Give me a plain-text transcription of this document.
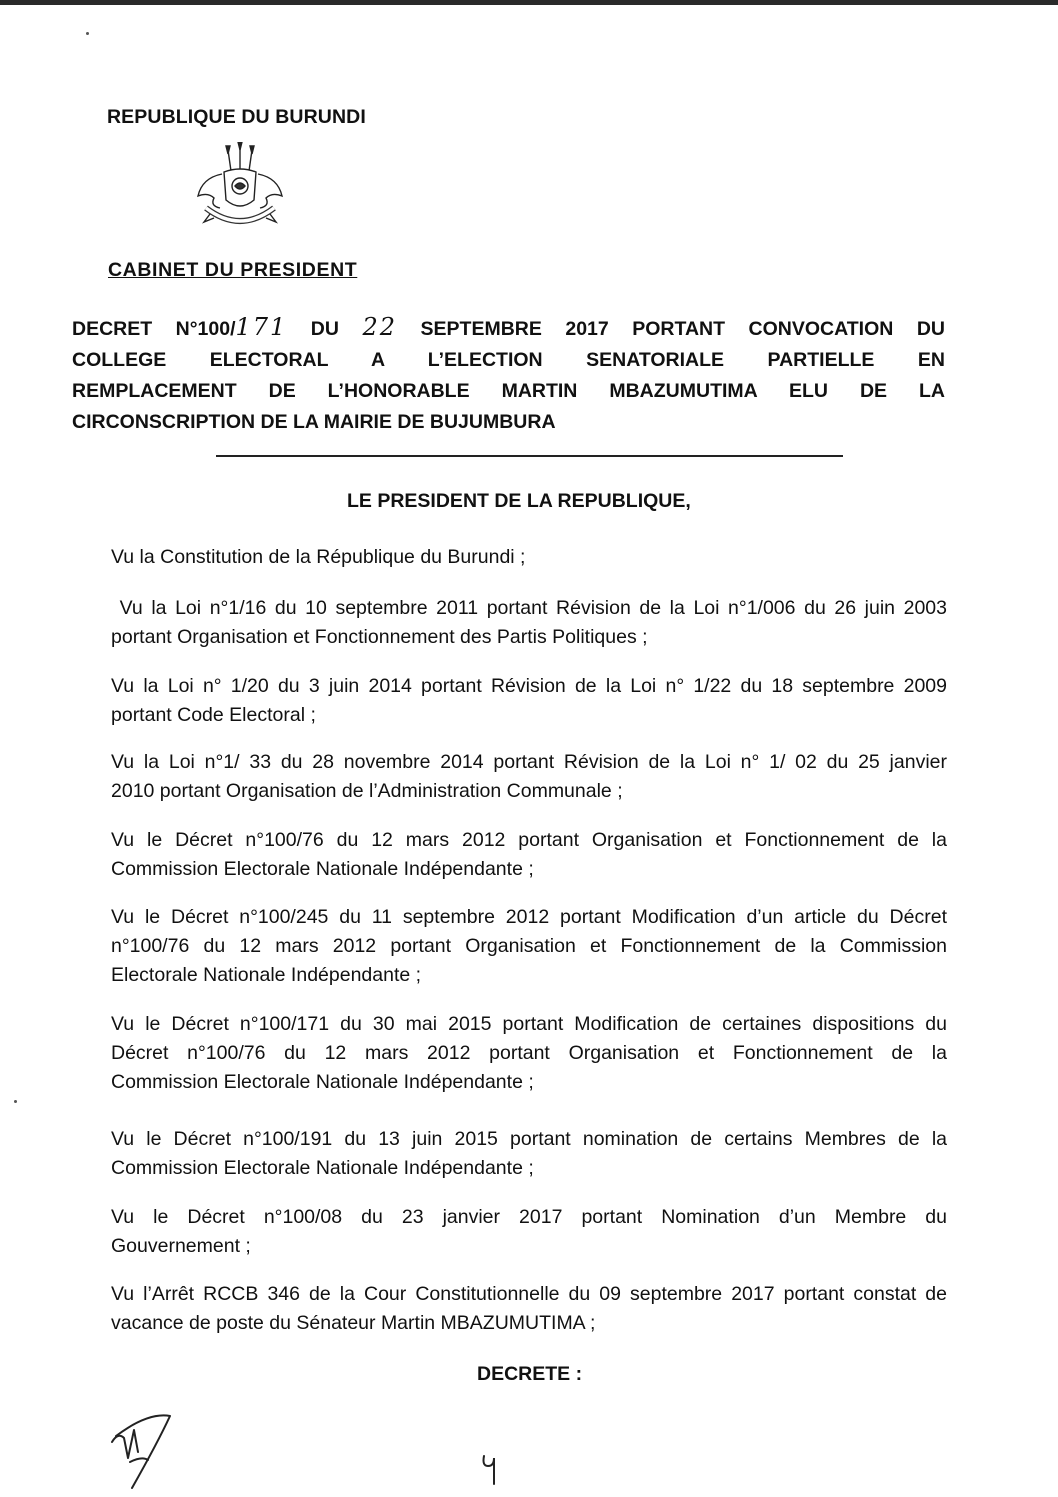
REPUBLIQUE DU BURUNDI
CABINET DU PRESIDENT
DECRET N°100/171 DU 22 SEPTEMBRE 2017 PORTANT CONVOCATION DU
COLLEGE ELECTORAL A L’ELECTION SENATORIALE PARTIELLE EN
REMPLACEMENT DE L’HONORABLE MARTIN MBAZUMUTIMA ELU DE LA
CIRCONSCRIPTION DE LA MAIRIE DE BUJUMBURA
LE PRESIDENT DE LA REPUBLIQUE,
Vu la Constitution de la République du Burundi ;
Vu la Loi n°1/16 du 10 septembre 2011 portant Révision de la Loi n°1/006 du 26 juin 2003
portant Organisation et Fonctionnement des Partis Politiques ;
Vu la Loi n° 1/20 du 3 juin 2014 portant Révision de la Loi n° 1/22 du 18 septembre 2009
portant Code Electoral ;
Vu la Loi n°1/ 33 du 28 novembre 2014 portant Révision de la Loi n° 1/ 02 du 25 janvier
2010 portant Organisation de l’Administration Communale ;
Vu le Décret n°100/76 du 12 mars 2012 portant Organisation et Fonctionnement de la
Commission Electorale Nationale Indépendante ;
Vu le Décret n°100/245 du 11 septembre 2012 portant Modification d’un article du Décret
n°100/76 du 12 mars 2012 portant Organisation et Fonctionnement de la Commission
Electorale Nationale Indépendante ;
Vu le Décret n°100/171 du 30 mai 2015 portant Modification de certaines dispositions du
Décret n°100/76 du 12 mars 2012 portant Organisation et Fonctionnement de la
Commission Electorale Nationale Indépendante ;
Vu le Décret n°100/191 du 13 juin 2015 portant nomination de certains Membres de la
Commission Electorale Nationale Indépendante ;
Vu le Décret n°100/08 du 23 janvier 2017 portant Nomination d’un Membre du
Gouvernement ;
Vu l’Arrêt RCCB 346 de la Cour Constitutionnelle du 09 septembre 2017 portant constat de
vacance de poste du Sénateur Martin MBAZUMUTIMA ;
DECRETE :
